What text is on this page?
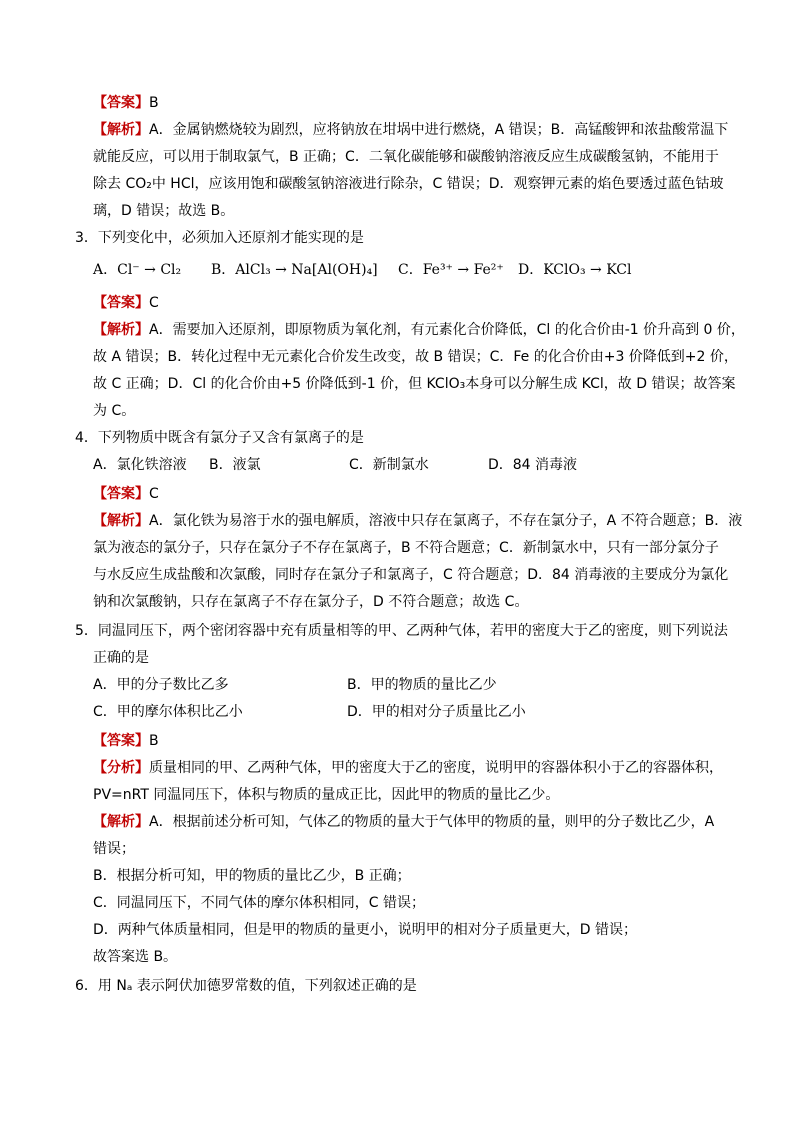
【答案】B
【解析】A．金属钠燃烧较为剧烈，应将钠放在坩埚中进行燃烧，A 错误；B．高锰酸钾和浓盐酸常温下
就能反应，可以用于制取氯气，B 正确；C．二氧化碳能够和碳酸钠溶液反应生成碳酸氢钠，不能用于
除去 CO₂中 HCl，应该用饱和碳酸氢钠溶液进行除杂，C 错误；D．观察钾元素的焰色要透过蓝色钴玻
璃，D 错误；故选 B。
3．下列变化中，必须加入还原剂才能实现的是
A．Cl⁻ → Cl₂ B．AlCl₃ → Na[Al(OH)₄] C．Fe³⁺ → Fe²⁺ D．KClO₃ → KCl
【答案】C
【解析】A．需要加入还原剂，即原物质为氧化剂，有元素化合价降低，Cl 的化合价由-1 价升高到 0 价，
故 A 错误；B．转化过程中无元素化合价发生改变，故 B 错误；C．Fe 的化合价由+3 价降低到+2 价，
故 C 正确；D．Cl 的化合价由+5 价降低到-1 价，但 KClO₃本身可以分解生成 KCl，故 D 错误；故答案
为 C。
4．下列物质中既含有氯分子又含有氯离子的是
A．氯化铁溶液 B．液氯	C．新制氯水	D．84 消毒液
【答案】C
【解析】A．氯化铁为易溶于水的强电解质，溶液中只存在氯离子，不存在氯分子，A 不符合题意；B．液
氯为液态的氯分子，只存在氯分子不存在氯离子，B 不符合题意；C．新制氯水中，只有一部分氯分子
与水反应生成盐酸和次氯酸，同时存在氯分子和氯离子，C 符合题意；D．84 消毒液的主要成分为氯化
钠和次氯酸钠，只存在氯离子不存在氯分子，D 不符合题意；故选 C。
5．同温同压下，两个密闭容器中充有质量相等的甲、乙两种气体，若甲的密度大于乙的密度，则下列说法
正确的是
A．甲的分子数比乙多	B．甲的物质的量比乙少
C．甲的摩尔体积比乙小	D．甲的相对分子质量比乙小
【答案】B
【分析】质量相同的甲、乙两种气体，甲的密度大于乙的密度，说明甲的容器体积小于乙的容器体积，
PV=nRT 同温同压下，体积与物质的量成正比，因此甲的物质的量比乙少。
【解析】A．根据前述分析可知，气体乙的物质的量大于气体甲的物质的量，则甲的分子数比乙少，A
错误；
B．根据分析可知，甲的物质的量比乙少，B 正确；
C．同温同压下，不同气体的摩尔体积相同，C 错误；
D．两种气体质量相同，但是甲的物质的量更小，说明甲的相对分子质量更大，D 错误；
故答案选 B。
6．用 Nₐ 表示阿伏加德罗常数的值，下列叙述正确的是
